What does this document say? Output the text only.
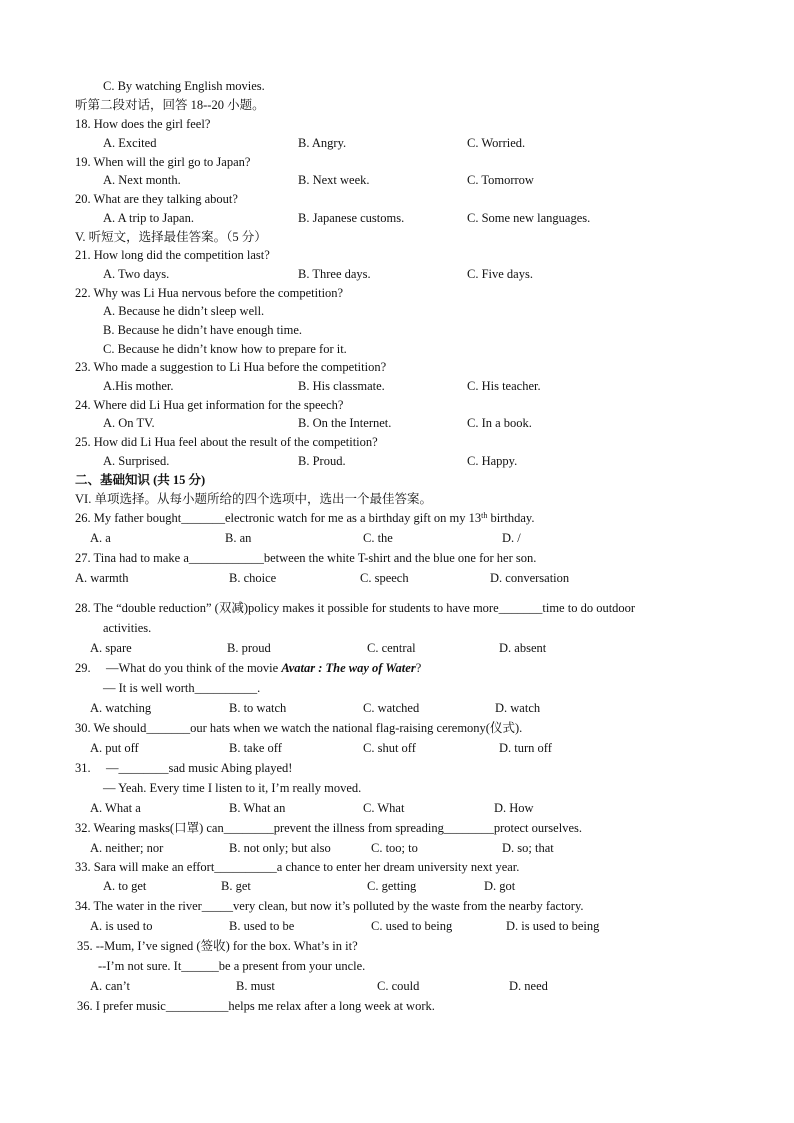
C. By watching English movies.
听第二段对话，回答 18--20 小题。
18. How does the girl feel?
A. Excited	B. Angry.	C. Worried.
19. When will the girl go to Japan?
A. Next month.	B. Next week.	C. Tomorrow
20. What are they talking about?
A. A trip to Japan.	B. Japanese customs.	C. Some new languages.
V. 听短文，选择最佳答案。（5 分）
21. How long did the competition last?
A. Two days.	B. Three days.	C. Five days.
22. Why was Li Hua nervous before the competition?
A. Because he didn’t sleep well.
B. Because he didn’t have enough time.
C. Because he didn’t know how to prepare for it.
23. Who made a suggestion to Li Hua before the competition?
A.His mother.	B. His classmate.	C. His teacher.
24. Where did Li Hua get information for the speech?
A. On TV.	B. On the Internet.	C. In a book.
25. How did Li Hua feel about the result of the competition?
A. Surprised.	B. Proud.	C. Happy.
二、基础知识 (共 15 分)
VI. 单项选择。从每小题所给的四个选项中，选出一个最佳答案。
26. My father bought_______electronic watch for me as a birthday gift on my 13th birthday.
A. a	B. an	C. the	D. /
27. Tina had to make a____________between the white T-shirt and the blue one for her son.
A. warmth	B. choice	C. speech	D. conversation
28. The “double reduction” (双减)policy makes it possible for students to have more_______time to do outdoor
activities.
A. spare	B. proud	C. central	D. absent
29. —What do you think of the movie Avatar : The way of Water?
— It is well worth__________.
A. watching	B. to watch	C. watched	D. watch
30. We should_______our hats when we watch the national flag-raising ceremony(仪式).
A. put off	B. take off	C. shut off	D. turn off
31. —________sad music Abing played!
— Yeah. Every time I listen to it, I’m really moved.
A. What a	B. What an	C. What	D. How
32. Wearing masks(口罩) can________prevent the illness from spreading________protect ourselves.
A. neither; nor	B. not only; but also	C. too; to	D. so; that
33. Sara will make an effort__________a chance to enter her dream university next year.
A. to get	B. get	C. getting	D. got
34. The water in the river_____very clean, but now it’s polluted by the waste from the nearby factory.
A. is used to	B. used to be	C. used to being	D. is used to being
35. --Mum, I’ve signed (签收) for the box. What’s in it?
--I’m not sure. It______be a present from your uncle.
A. can’t	B. must	C. could	D. need
36. I prefer music__________helps me relax after a long week at work.
